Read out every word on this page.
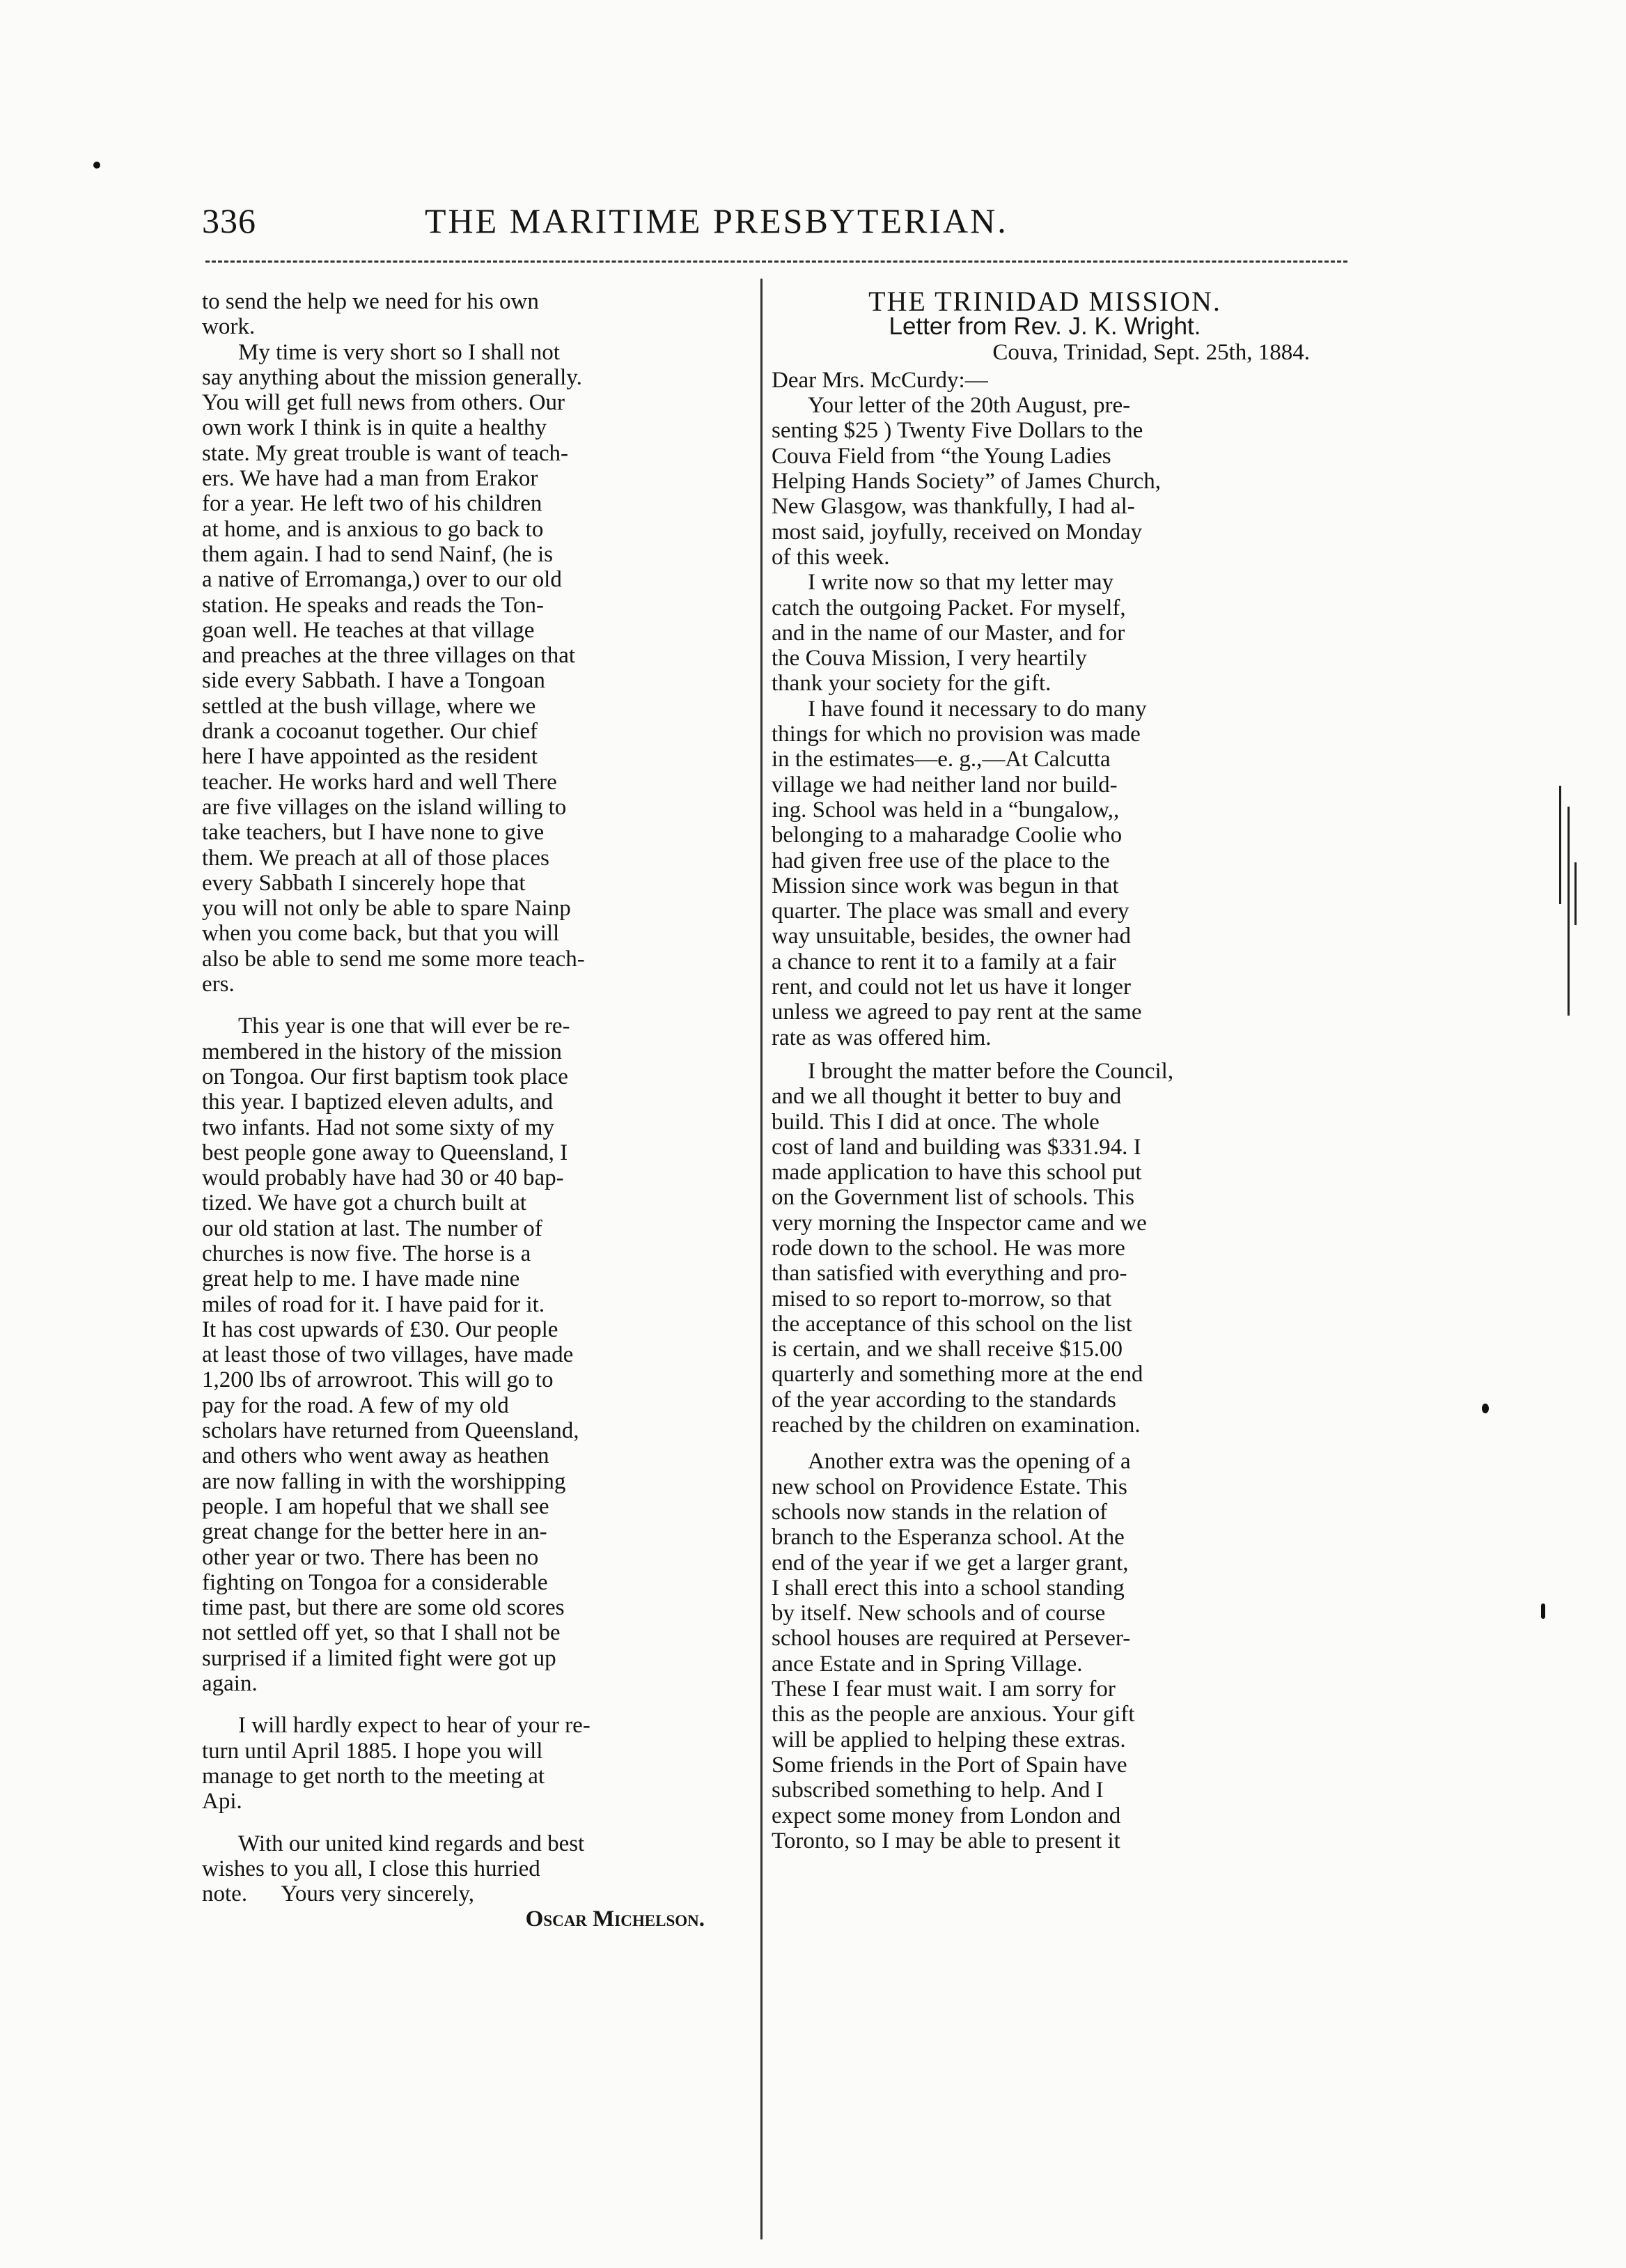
336	THE MARITIME PRESBYTERIAN.

to send the help we need for his own

work.

My time is very short so I shall not

say anything about the mission generally.

You will get full news from others. Our

own work I think is in quite a healthy

state. My great trouble is want of teach-

ers. We have had a man from Erakor

for a year. He left two of his children

at home, and is anxious to go back to

them again. I had to send Nainf, (he is

a native of Erromanga,) over to our old

station. He speaks and reads the Ton-

goan well. He teaches at that village

and preaches at the three villages on that

side every Sabbath. I have a Tongoan

settled at the bush village, where we

drank a cocoanut together. Our chief

here I have appointed as the resident

teacher. He works hard and well There

are five villages on the island willing to

take teachers, but I have none to give

them. We preach at all of those places

every Sabbath I sincerely hope that

you will not only be able to spare Nainp

when you come back, but that you will

also be able to send me some more teach-

ers.

This year is one that will ever be re-

membered in the history of the mission

on Tongoa. Our first baptism took place

this year. I baptized eleven adults, and

two infants. Had not some sixty of my

best people gone away to Queensland, I

would probably have had 30 or 40 bap-

tized. We have got a church built at

our old station at last. The number of

churches is now five. The horse is a

great help to me. I have made nine

miles of road for it. I have paid for it.

It has cost upwards of £30. Our people

at least those of two villages, have made

1,200 lbs of arrowroot. This will go to

pay for the road. A few of my old

scholars have returned from Queensland,

and others who went away as heathen

are now falling in with the worshipping

people. I am hopeful that we shall see

great change for the better here in an-

other year or two. There has been no

fighting on Tongoa for a considerable

time past, but there are some old scores

not settled off yet, so that I shall not be

surprised if a limited fight were got up

again.

I will hardly expect to hear of your re-

turn until April 1885. I hope you will

manage to get north to the meeting at

Api.

With our united kind regards and best

wishes to you all, I close this hurried

note.      Yours very sincerely,

Oscar Michelson.

THE TRINIDAD MISSION.

Letter from Rev. J. K. Wright.

Couva, Trinidad, Sept. 25th, 1884.

Dear Mrs. McCurdy:—

Your letter of the 20th August, pre-

senting $25 ) Twenty Five Dollars to the

Couva Field from “the Young Ladies

Helping Hands Society” of James Church,

New Glasgow, was thankfully, I had al-

most said, joyfully, received on Monday

of this week.

I write now so that my letter may

catch the outgoing Packet. For myself,

and in the name of our Master, and for

the Couva Mission, I very heartily

thank your society for the gift.

I have found it necessary to do many

things for which no provision was made

in the estimates—e. g.,—At Calcutta

village we had neither land nor build-

ing. School was held in a “bungalow,,

belonging to a maharadge Coolie who

had given free use of the place to the

Mission since work was begun in that

quarter. The place was small and every

way unsuitable, besides, the owner had

a chance to rent it to a family at a fair

rent, and could not let us have it longer

unless we agreed to pay rent at the same

rate as was offered him.

I brought the matter before the Council,

and we all thought it better to buy and

build. This I did at once. The whole

cost of land and building was $331.94. I

made application to have this school put

on the Government list of schools. This

very morning the Inspector came and we

rode down to the school. He was more

than satisfied with everything and pro-

mised to so report to-morrow, so that

the acceptance of this school on the list

is certain, and we shall receive $15.00

quarterly and something more at the end

of the year according to the standards

reached by the children on examination.

Another extra was the opening of a

new school on Providence Estate. This

schools now stands in the relation of

branch to the Esperanza school. At the

end of the year if we get a larger grant,

I shall erect this into a school standing

by itself. New schools and of course

school houses are required at Persever-

ance Estate and in Spring Village.

These I fear must wait. I am sorry for

this as the people are anxious. Your gift

will be applied to helping these extras.

Some friends in the Port of Spain have

subscribed something to help. And I

expect some money from London and

Toronto, so I may be able to present it
